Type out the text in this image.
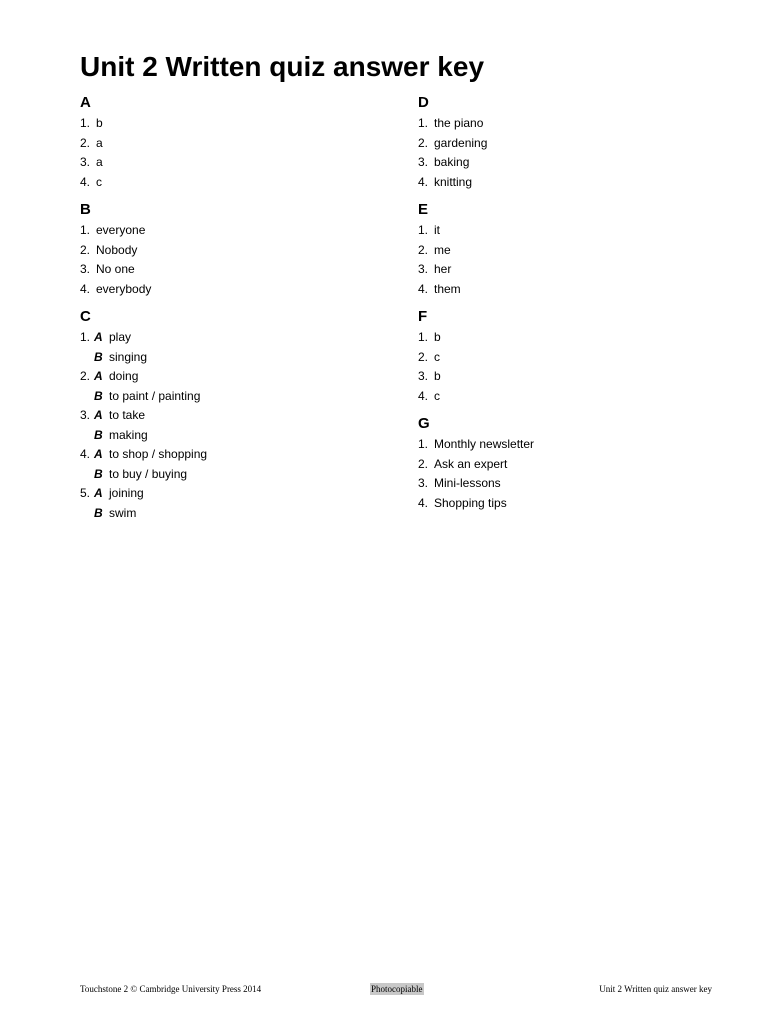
Unit 2 Written quiz answer key
A
1. b
2. a
3. a
4. c
B
1. everyone
2. Nobody
3. No one
4. everybody
C
1. A play
B singing
2. A doing
B to paint / painting
3. A to take
B making
4. A to shop / shopping
B to buy / buying
5. A joining
B swim
D
1. the piano
2. gardening
3. baking
4. knitting
E
1. it
2. me
3. her
4. them
F
1. b
2. c
3. b
4. c
G
1. Monthly newsletter
2. Ask an expert
3. Mini-lessons
4. Shopping tips
Touchstone 2 © Cambridge University Press 2014	Photocopiable	Unit 2 Written quiz answer key
